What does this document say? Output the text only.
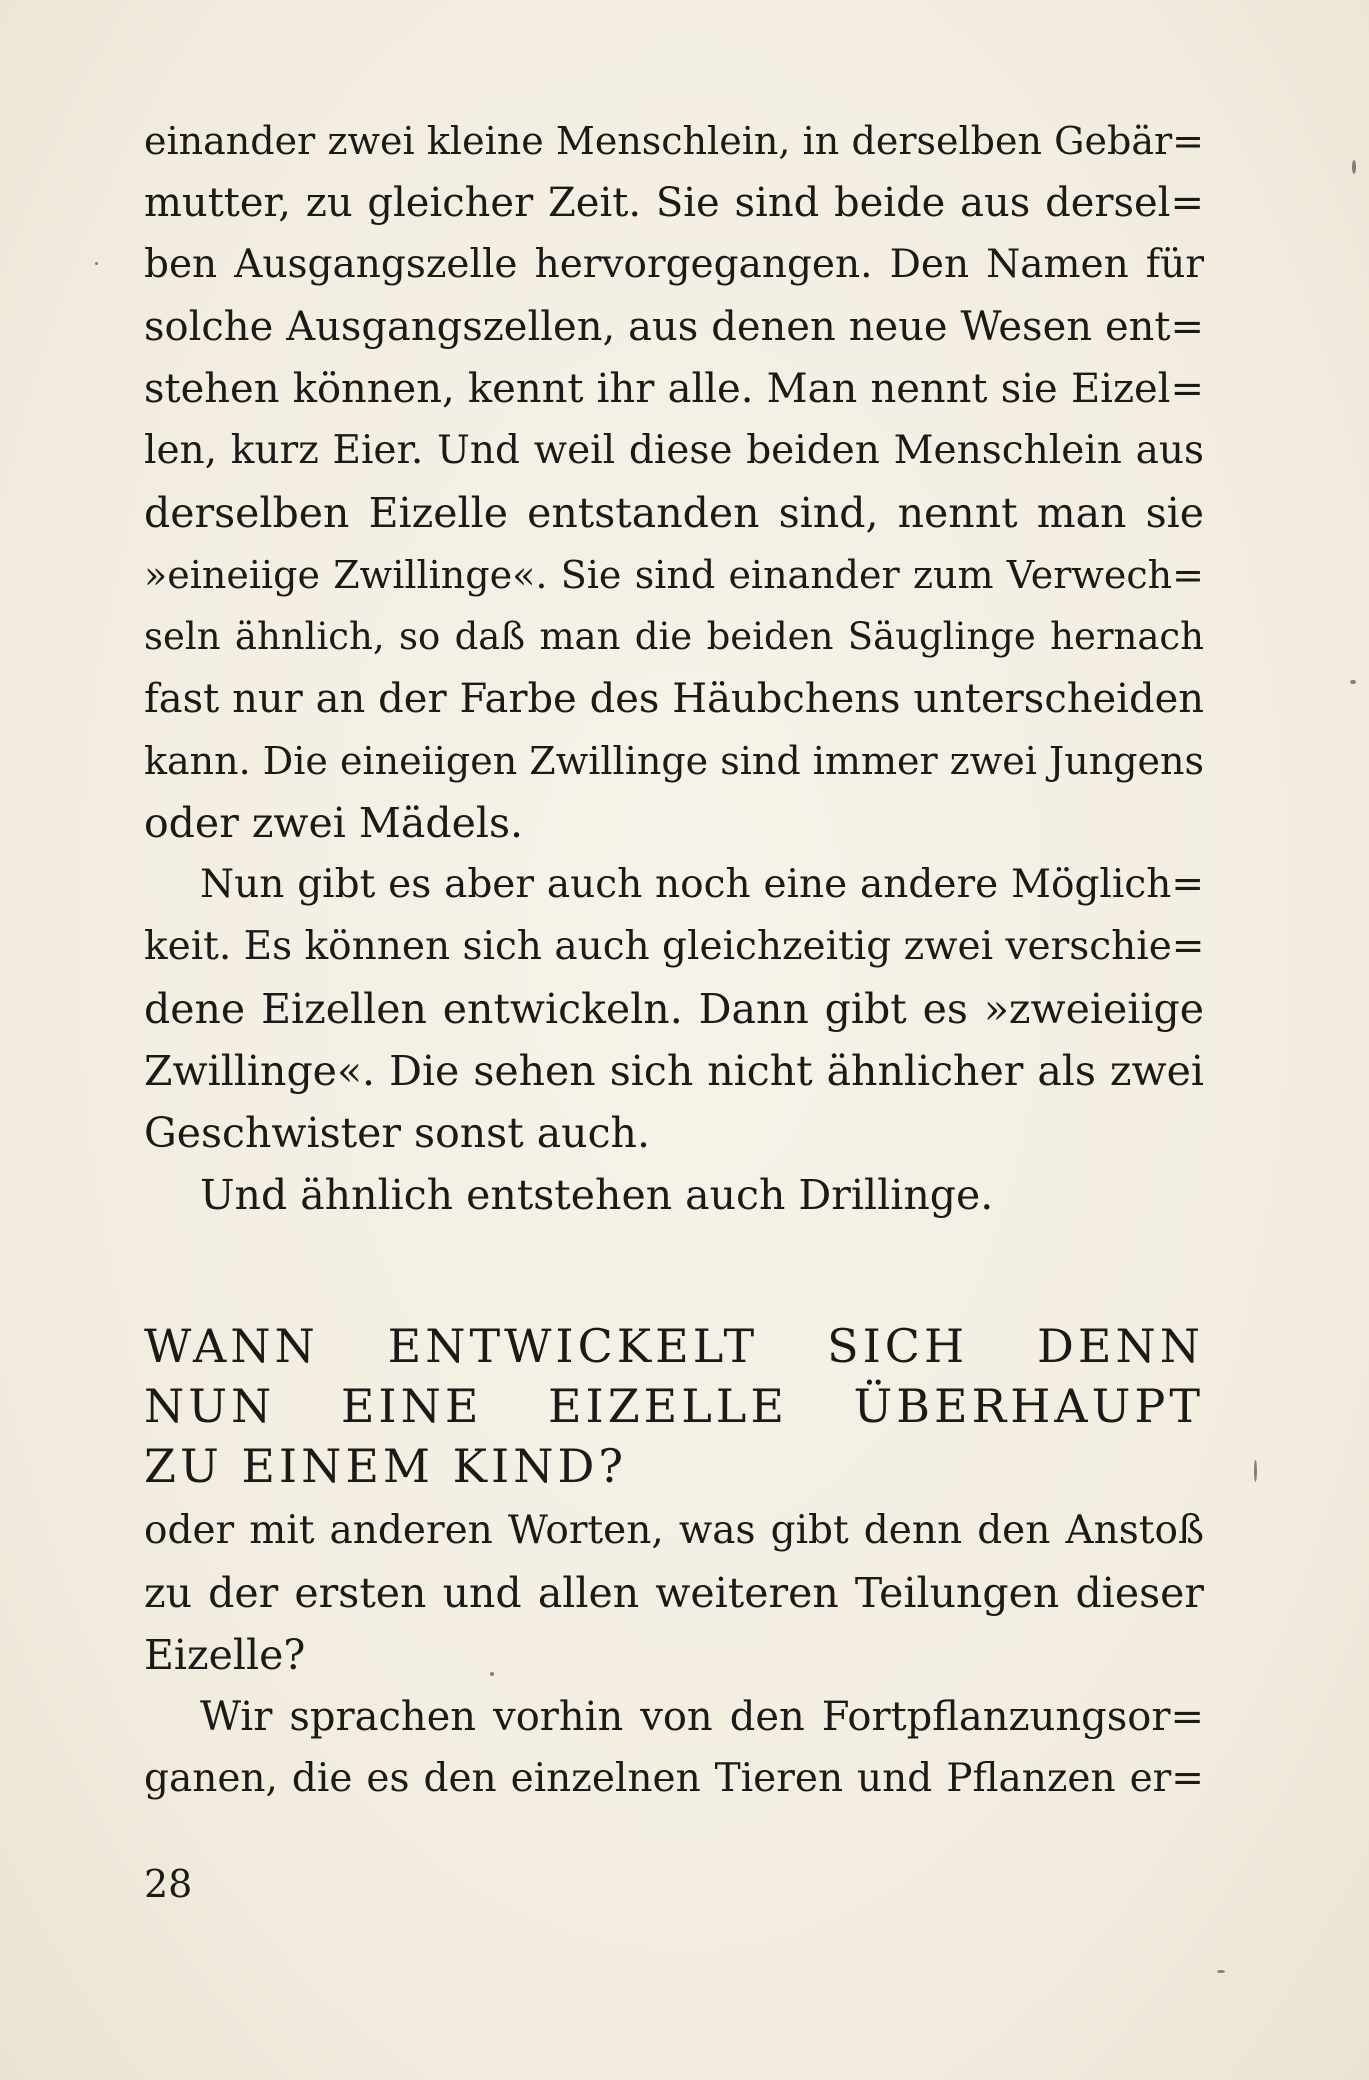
einander zwei kleine Menschlein, in derselben Gebär=
mutter, zu gleicher Zeit. Sie sind beide aus dersel=
ben Ausgangszelle hervorgegangen. Den Namen für
solche Ausgangszellen, aus denen neue Wesen ent=
stehen können, kennt ihr alle. Man nennt sie Eizel=
len, kurz Eier. Und weil diese beiden Menschlein aus
derselben Eizelle entstanden sind, nennt man sie
»eineiige Zwillinge«. Sie sind einander zum Verwech=
seln ähnlich, so daß man die beiden Säuglinge hernach
fast nur an der Farbe des Häubchens unterscheiden
kann. Die eineiigen Zwillinge sind immer zwei Jungens
oder zwei Mädels.
Nun gibt es aber auch noch eine andere Möglich=
keit. Es können sich auch gleichzeitig zwei verschie=
dene Eizellen entwickeln. Dann gibt es »zweieiige
Zwillinge«. Die sehen sich nicht ähnlicher als zwei
Geschwister sonst auch.
Und ähnlich entstehen auch Drillinge.
WANN ENTWICKELT SICH DENN
NUN EINE EIZELLE ÜBERHAUPT
ZU EINEM KIND?
oder mit anderen Worten, was gibt denn den Anstoß
zu der ersten und allen weiteren Teilungen dieser
Eizelle?
Wir sprachen vorhin von den Fortpflanzungsor=
ganen, die es den einzelnen Tieren und Pflanzen er=
28
